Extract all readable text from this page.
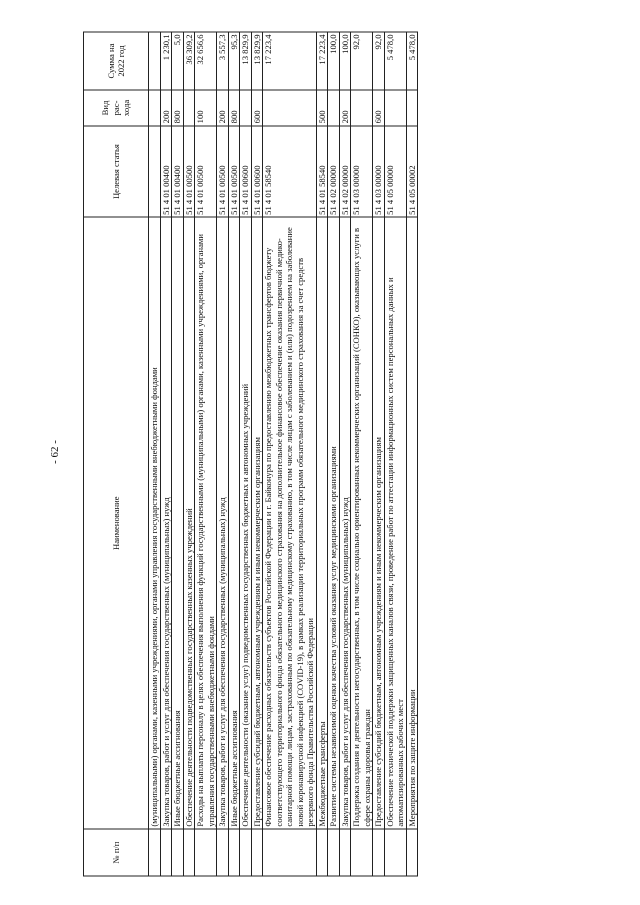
- 62 -
№ п/п	Наименование	Целевая статья	Вид рас-хода	Сумма на 2022 год
	(муниципальными) органами, казенными учреждениями, органами управления государственными внебюджетными фондами			
	Закупка товаров, работ и услуг для обеспечения государственных (муниципальных) нужд	51 4 01 00400	200	1 230,1
	Иные бюджетные ассигнования	51 4 01 00400	800	5,0
	Обеспечение деятельности подведомственных государственных казенных учреждений	51 4 01 00500		36 309,2
	Расходы на выплаты персоналу в целях обеспечения выполнения функций государственными (муниципальными) органами, казенными учреждениями, органами управления государственными внебюджетными фондами	51 4 01 00500	100	32 656,6
	Закупка товаров, работ и услуг для обеспечения государственных (муниципальных) нужд	51 4 01 00500	200	3 557,3
	Иные бюджетные ассигнования	51 4 01 00500	800	95,3
	Обеспечение деятельности (оказание услуг) подведомственных государственных бюджетных и автономных учреждений	51 4 01 00600		13 829,9
	Предоставление субсидий бюджетным, автономным учреждениям и иным некоммерческим организациям	51 4 01 00600	600	13 829,9
	Финансовое обеспечение расходных обязательств субъектов Российской Федерации и г. Байконура по предоставлению межбюджетных трансфертов бюджету соответствующего территориального фонда обязательного медицинского страхования на дополнительное финансовое обеспечение оказания первичной медико-санитарной помощи лицам, застрахованным по обязательному медицинскому страхованию, в том числе лицам с заболеванием и (или) подозрением на заболевание новой коронавирусной инфекцией (COVID-19), в рамках реализации территориальных программ обязательного медицинского страхования за счет средств резервного фонда Правительства Российской Федерации	51 4 01 58540		17 223,4
	Межбюджетные трансферты	51 4 01 58540	500	17 223,4
	Развитие системы независимой оценки качества условий оказания услуг медицинскими организациями	51 4 02 00000		100,0
	Закупка товаров, работ и услуг для обеспечения государственных (муниципальных) нужд	51 4 02 00000	200	100,0
	Поддержка создания и деятельности негосударственных, в том числе социально ориентированных некоммерческих организаций (СОНКО), оказывающих услуги в сфере охраны здоровья граждан	51 4 03 00000		92,0
	Предоставление субсидий бюджетным, автономным учреждениям и иным некоммерческим организациям	51 4 03 00000	600	92,0
	Обеспечение технической поддержки защищенных каналов связи, проведение работ по аттестации информационных систем персональных данных и автоматизированных рабочих мест	51 4 05 00000		5 478,0
	Мероприятия по защите информации	51 4 05 00002		5 478,0
